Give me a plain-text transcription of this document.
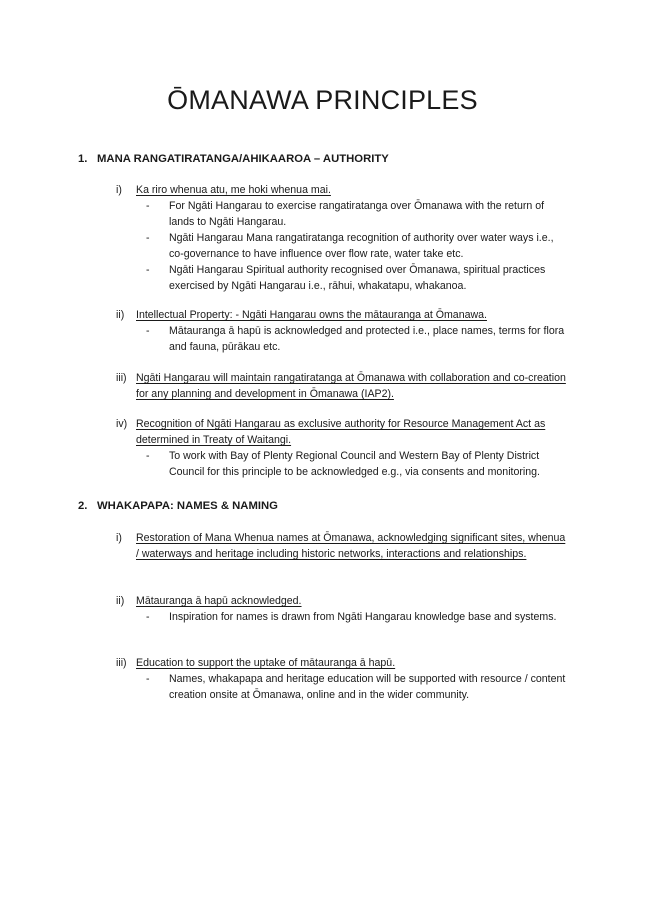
ŌMANAWA PRINCIPLES
1. MANA RANGATIRATANGA/AHIKAAROA – AUTHORITY
i)	Ka riro whenua atu, me hoki whenua mai.
- For Ngāti Hangarau to exercise rangatiratanga over Ōmanawa with the return of lands to Ngāti Hangarau.
- Ngāti Hangarau Mana rangatiratanga recognition of authority over water ways i.e., co-governance to have influence over flow rate, water take etc.
- Ngāti Hangarau Spiritual authority recognised over Ōmanawa, spiritual practices exercised by Ngāti Hangarau i.e., rāhui, whakatapu, whakanoa.
ii)	Intellectual Property: - Ngāti Hangarau owns the mātauranga at Ōmanawa.
- Mātauranga ā hapū is acknowledged and protected i.e., place names, terms for flora and fauna, pūrākau etc.
iii) Ngāti Hangarau will maintain rangatiratanga at Ōmanawa with collaboration and co-creation for any planning and development in Ōmanawa (IAP2).
iv) Recognition of Ngāti Hangarau as exclusive authority for Resource Management Act as determined in Treaty of Waitangi.
- To work with Bay of Plenty Regional Council and Western Bay of Plenty District Council for this principle to be acknowledged e.g., via consents and monitoring.
2. WHAKAPAPA: NAMES & NAMING
i)	Restoration of Mana Whenua names at Ōmanawa, acknowledging significant sites, whenua / waterways and heritage including historic networks, interactions and relationships.
ii)	Mātauranga ā hapū acknowledged.
- Inspiration for names is drawn from Ngāti Hangarau knowledge base and systems.
iii) Education to support the uptake of mātauranga ā hapū.
- Names, whakapapa and heritage education will be supported with resource / content creation onsite at Ōmanawa, online and in the wider community.
